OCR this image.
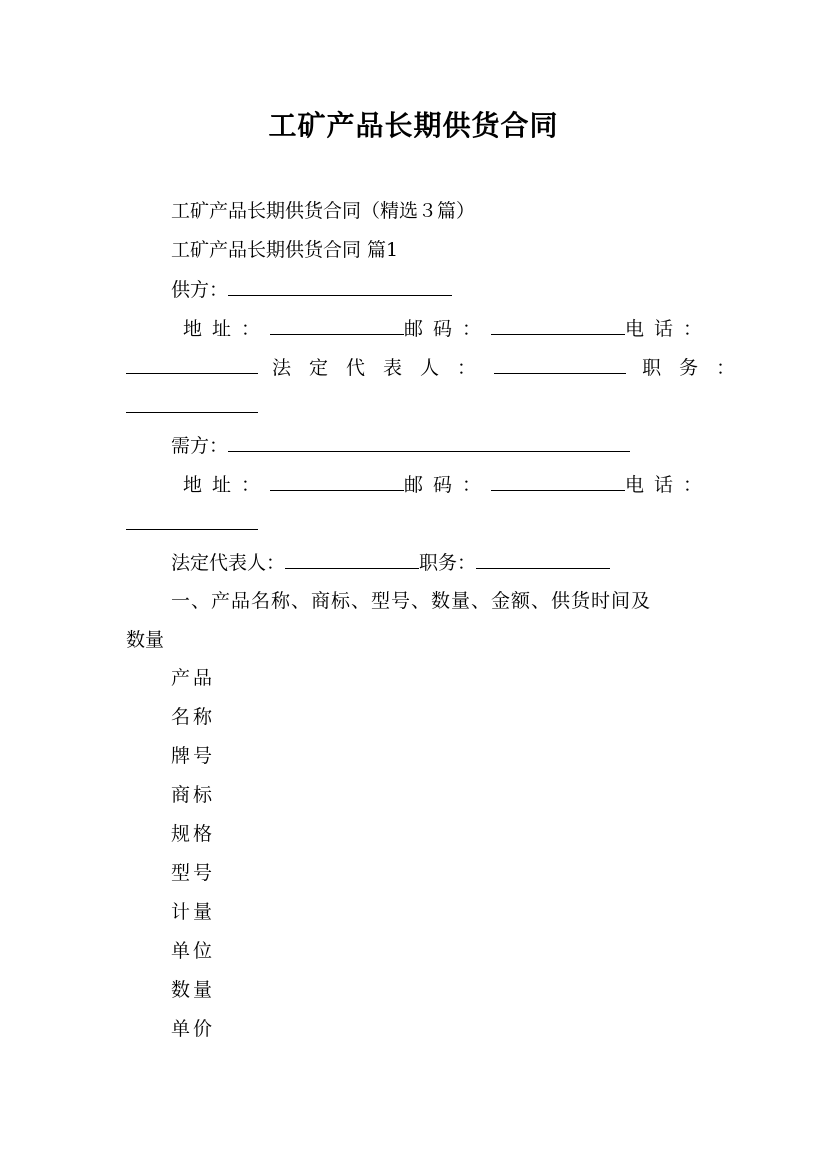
工矿产品长期供货合同
工矿产品长期供货合同（精选３篇）
工矿产品长期供货合同 篇1
供方：
地址：	邮码：	电话：
法定代表人：	职务：
需方：
地址：	邮码：	电话：
法定代表人：	职务：
一、产品名称、商标、型号、数量、金额、供货时间及
数量
产品
名称
牌号
商标
规格
型号
计量
单位
数量
单价
